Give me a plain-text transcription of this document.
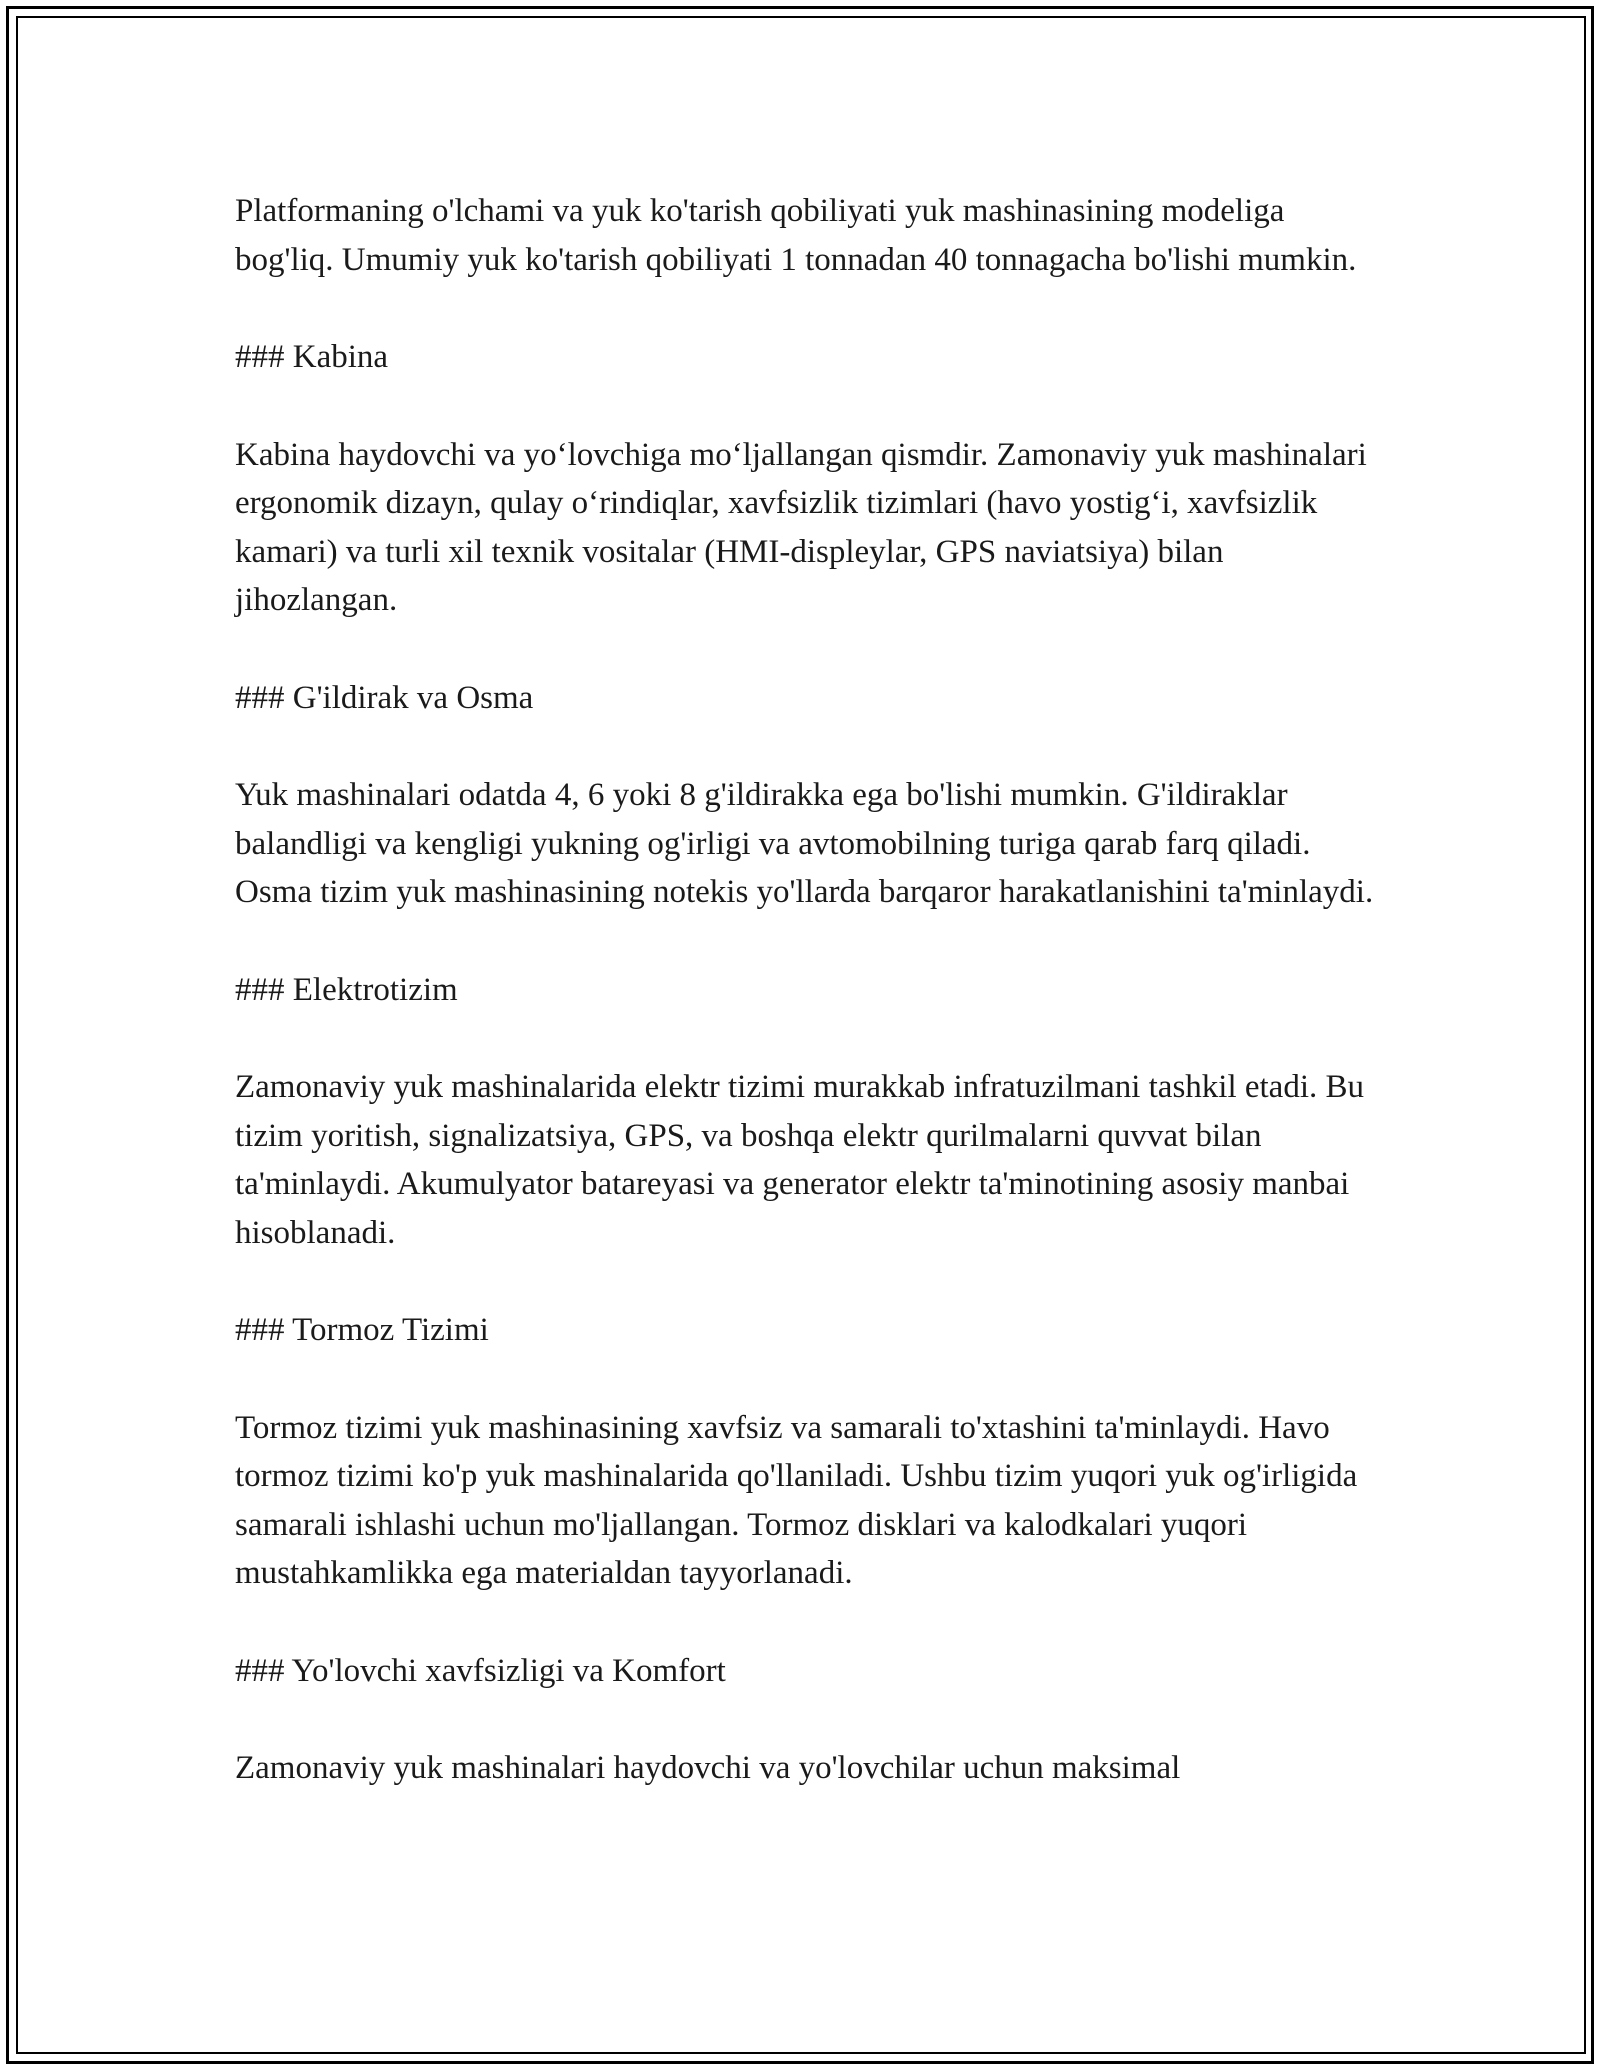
Platformaning o'lchami va yuk ko'tarish qobiliyati yuk mashinasining modeliga bog'liq. Umumiy yuk ko'tarish qobiliyati 1 tonnadan 40 tonnagacha bo'lishi mumkin.

### Kabina

Kabina haydovchi va yo‘lovchiga mo‘ljallangan qismdir. Zamonaviy yuk mashinalari ergonomik dizayn, qulay o‘rindiqlar, xavfsizlik tizimlari (havo yostig‘i, xavfsizlik kamari) va turli xil texnik vositalar (HMI-displeylar, GPS naviatsiya) bilan jihozlangan.

### G'ildirak va Osma

Yuk mashinalari odatda 4, 6 yoki 8 g'ildirakka ega bo'lishi mumkin. G'ildiraklar balandligi va kengligi yukning og'irligi va avtomobilning turiga qarab farq qiladi. Osma tizim yuk mashinasining notekis yo'llarda barqaror harakatlanishini ta'minlaydi.

### Elektrotizim

Zamonaviy yuk mashinalarida elektr tizimi murakkab infratuzilmani tashkil etadi. Bu tizim yoritish, signalizatsiya, GPS, va boshqa elektr qurilmalarni quvvat bilan ta'minlaydi. Akumulyator batareyasi va generator elektr ta'minotining asosiy manbai hisoblanadi.

### Tormoz Tizimi

Tormoz tizimi yuk mashinasining xavfsiz va samarali to'xtashini ta'minlaydi. Havo tormoz tizimi ko'p yuk mashinalarida qo'llaniladi. Ushbu tizim yuqori yuk og'irligida samarali ishlashi uchun mo'ljallangan. Tormoz disklari va kalodkalari yuqori mustahkamlikka ega materialdan tayyorlanadi.

### Yo'lovchi xavfsizligi va Komfort

Zamonaviy yuk mashinalari haydovchi va yo'lovchilar uchun maksimal
